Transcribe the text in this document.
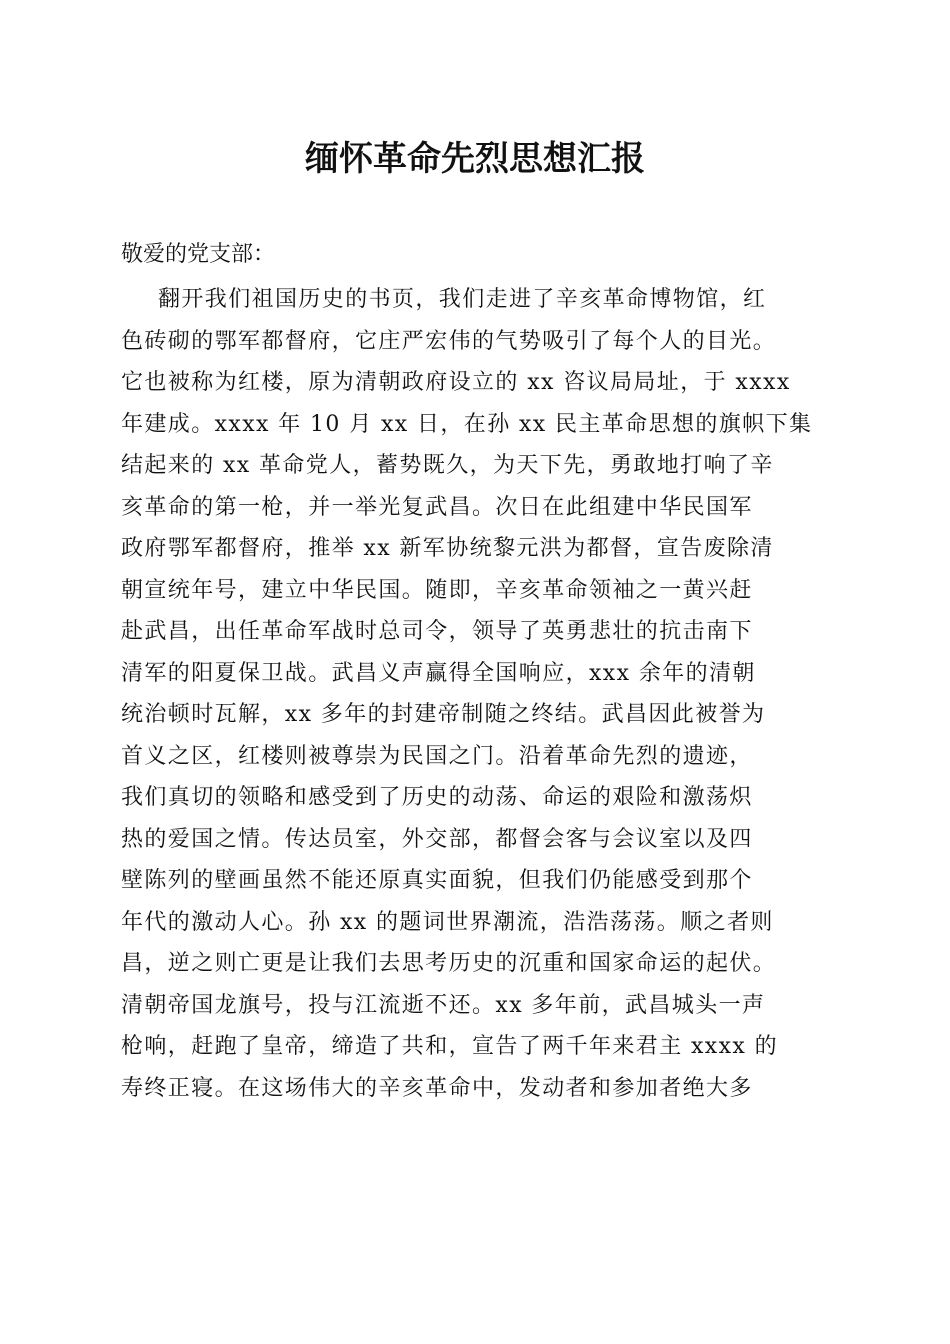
缅怀革命先烈思想汇报

敬爱的党支部：

翻开我们祖国历史的书页，我们走进了辛亥革命博物馆，红
色砖砌的鄂军都督府，它庄严宏伟的气势吸引了每个人的目光。
它也被称为红楼，原为清朝政府设立的 xx 咨议局局址，于 xxxx
年建成。xxxx 年 10 月 xx 日，在孙 xx 民主革命思想的旗帜下集
结起来的 xx 革命党人，蓄势既久，为天下先，勇敢地打响了辛
亥革命的第一枪，并一举光复武昌。次日在此组建中华民国军
政府鄂军都督府，推举 xx 新军协统黎元洪为都督，宣告废除清
朝宣统年号，建立中华民国。随即，辛亥革命领袖之一黄兴赶
赴武昌，出任革命军战时总司令，领导了英勇悲壮的抗击南下
清军的阳夏保卫战。武昌义声赢得全国响应，xxx 余年的清朝
统治顿时瓦解，xx 多年的封建帝制随之终结。武昌因此被誉为
首义之区，红楼则被尊崇为民国之门。沿着革命先烈的遗迹，
我们真切的领略和感受到了历史的动荡、命运的艰险和激荡炽
热的爱国之情。传达员室，外交部，都督会客与会议室以及四
壁陈列的壁画虽然不能还原真实面貌，但我们仍能感受到那个
年代的激动人心。孙 xx 的题词世界潮流，浩浩荡荡。顺之者则
昌，逆之则亡更是让我们去思考历史的沉重和国家命运的起伏。
清朝帝国龙旗号，投与江流逝不还。xx 多年前，武昌城头一声
枪响，赶跑了皇帝，缔造了共和，宣告了两千年来君主 xxxx 的
寿终正寝。在这场伟大的辛亥革命中，发动者和参加者绝大多
